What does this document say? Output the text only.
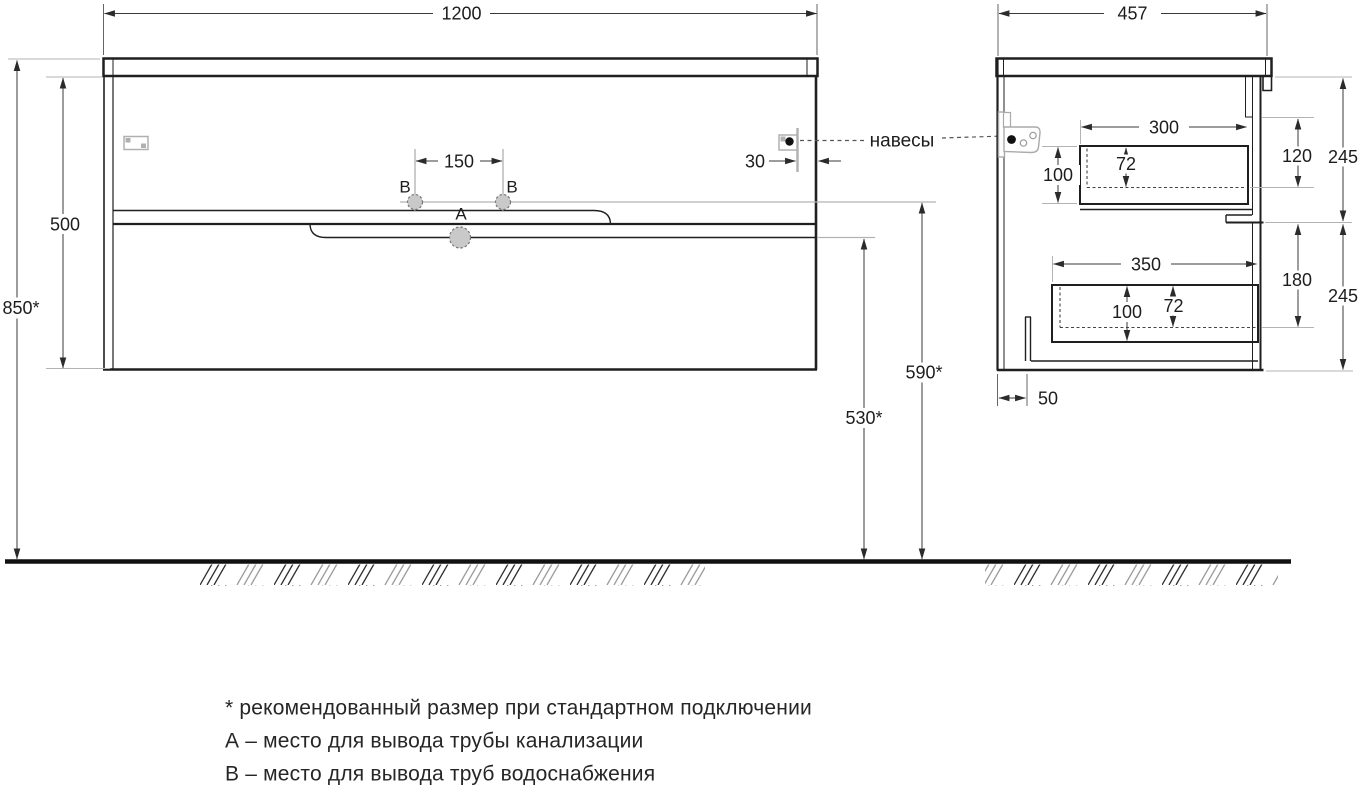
1200
500
850*
150	30
590*
530*
B	B
A
навесы
457
300
100
72	120 245
350
100 72
180
245
50
* рекомендованный размер при стандартном подключении
А – место для вывода трубы канализации
В – место для вывода труб водоснабжения
